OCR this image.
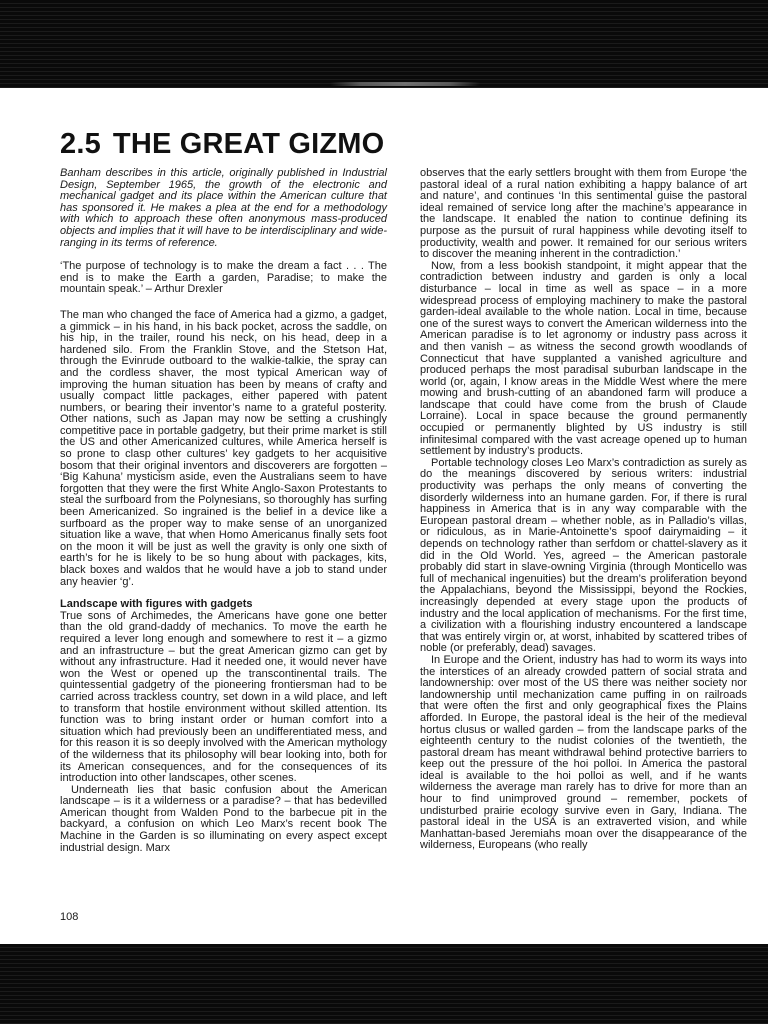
2.5 THE GREAT GIZMO

Banham describes in this article, originally published in Industrial Design, September 1965, the growth of the electronic and mechanical gadget and its place within the American culture that has sponsored it. He makes a plea at the end for a methodology with which to approach these often anonymous mass-produced objects and implies that it will have to be interdisciplinary and wide-ranging in its terms of reference.

‘The purpose of technology is to make the dream a fact . . . The end is to make the Earth a garden, Paradise; to make the mountain speak.’ – Arthur Drexler

The man who changed the face of America had a gizmo, a gadget, a gimmick – in his hand, in his back pocket, across the saddle, on his hip, in the trailer, round his neck, on his head, deep in a hardened silo. From the Franklin Stove, and the Stetson Hat, through the Evinrude outboard to the walkie-talkie, the spray can and the cordless shaver, the most typical American way of improving the human situation has been by means of crafty and usually compact little packages, either papered with patent numbers, or bearing their inventor’s name to a grateful posterity. Other nations, such as Japan may now be setting a crushingly competitive pace in portable gadgetry, but their prime market is still the US and other Americanized cultures, while America herself is so prone to clasp other cultures’ key gadgets to her acquisitive bosom that their original inventors and discoverers are forgotten – ‘Big Kahuna’ mysticism aside, even the Australians seem to have forgotten that they were the first White Anglo-Saxon Protestants to steal the surfboard from the Polynesians, so thoroughly has surfing been Americanized. So ingrained is the belief in a device like a surfboard as the proper way to make sense of an unorganized situation like a wave, that when Homo Americanus finally sets foot on the moon it will be just as well the gravity is only one sixth of earth’s for he is likely to be so hung about with packages, kits, black boxes and waldos that he would have a job to stand under any heavier ‘g’.

Landscape with figures with gadgets

True sons of Archimedes, the Americans have gone one better than the old grand-daddy of mechanics. To move the earth he required a lever long enough and somewhere to rest it – a gizmo and an infrastructure – but the great American gizmo can get by without any infrastructure. Had it needed one, it would never have won the West or opened up the transcontinental trails. The quintessential gadgetry of the pioneering frontiersman had to be carried across trackless country, set down in a wild place, and left to transform that hostile environment without skilled attention. Its function was to bring instant order or human comfort into a situation which had previously been an undifferentiated mess, and for this reason it is so deeply involved with the American mythology of the wilderness that its philosophy will bear looking into, both for its American consequences, and for the consequences of its introduction into other landscapes, other scenes.

Underneath lies that basic confusion about the American landscape – is it a wilderness or a paradise? – that has bedevilled American thought from Walden Pond to the barbecue pit in the backyard, a confusion on which Leo Marx’s recent book The Machine in the Garden is so illuminating on every aspect except industrial design. Marx

observes that the early settlers brought with them from Europe ‘the pastoral ideal of a rural nation exhibiting a happy balance of art and nature’, and continues ‘In this sentimental guise the pastoral ideal remained of service long after the machine’s appearance in the landscape. It enabled the nation to continue defining its purpose as the pursuit of rural happiness while devoting itself to productivity, wealth and power. It remained for our serious writers to discover the meaning inherent in the contradiction.’

Now, from a less bookish standpoint, it might appear that the contradiction between industry and garden is only a local disturbance – local in time as well as space – in a more widespread process of employing machinery to make the pastoral garden-ideal available to the whole nation. Local in time, because one of the surest ways to convert the American wilderness into the American paradise is to let agronomy or industry pass across it and then vanish – as witness the second growth woodlands of Connecticut that have supplanted a vanished agriculture and produced perhaps the most paradisal suburban landscape in the world (or, again, I know areas in the Middle West where the mere mowing and brush-cutting of an abandoned farm will produce a landscape that could have come from the brush of Claude Lorraine). Local in space because the ground permanently occupied or permanently blighted by US industry is still infinitesimal compared with the vast acreage opened up to human settlement by industry’s products.

Portable technology closes Leo Marx’s contradiction as surely as do the meanings discovered by serious writers: industrial productivity was perhaps the only means of converting the disorderly wilderness into an humane garden. For, if there is rural happiness in America that is in any way comparable with the European pastoral dream – whether noble, as in Palladio’s villas, or ridiculous, as in Marie-Antoinette’s spoof dairymaiding – it depends on technology rather than serfdom or chattel-slavery as it did in the Old World. Yes, agreed – the American pastorale probably did start in slave-owning Virginia (through Monticello was full of mechanical ingenuities) but the dream’s proliferation beyond the Appalachians, beyond the Mississippi, beyond the Rockies, increasingly depended at every stage upon the products of industry and the local application of mechanisms. For the first time, a civilization with a flourishing industry encountered a landscape that was entirely virgin or, at worst, inhabited by scattered tribes of noble (or preferably, dead) savages.

In Europe and the Orient, industry has had to worm its ways into the interstices of an already crowded pattern of social strata and landownership: over most of the US there was neither society nor landownership until mechanization came puffing in on railroads that were often the first and only geographical fixes the Plains afforded. In Europe, the pastoral ideal is the heir of the medieval hortus clusus or walled garden – from the landscape parks of the eighteenth century to the nudist colonies of the twentieth, the pastoral dream has meant withdrawal behind protective barriers to keep out the pressure of the hoi polloi. In America the pastoral ideal is available to the hoi polloi as well, and if he wants wilderness the average man rarely has to drive for more than an hour to find unimproved ground – remember, pockets of undisturbed prairie ecology survive even in Gary, Indiana. The pastoral ideal in the USA is an extraverted vision, and while Manhattan-based Jeremiahs moan over the disappearance of the wilderness, Europeans (who really

108
